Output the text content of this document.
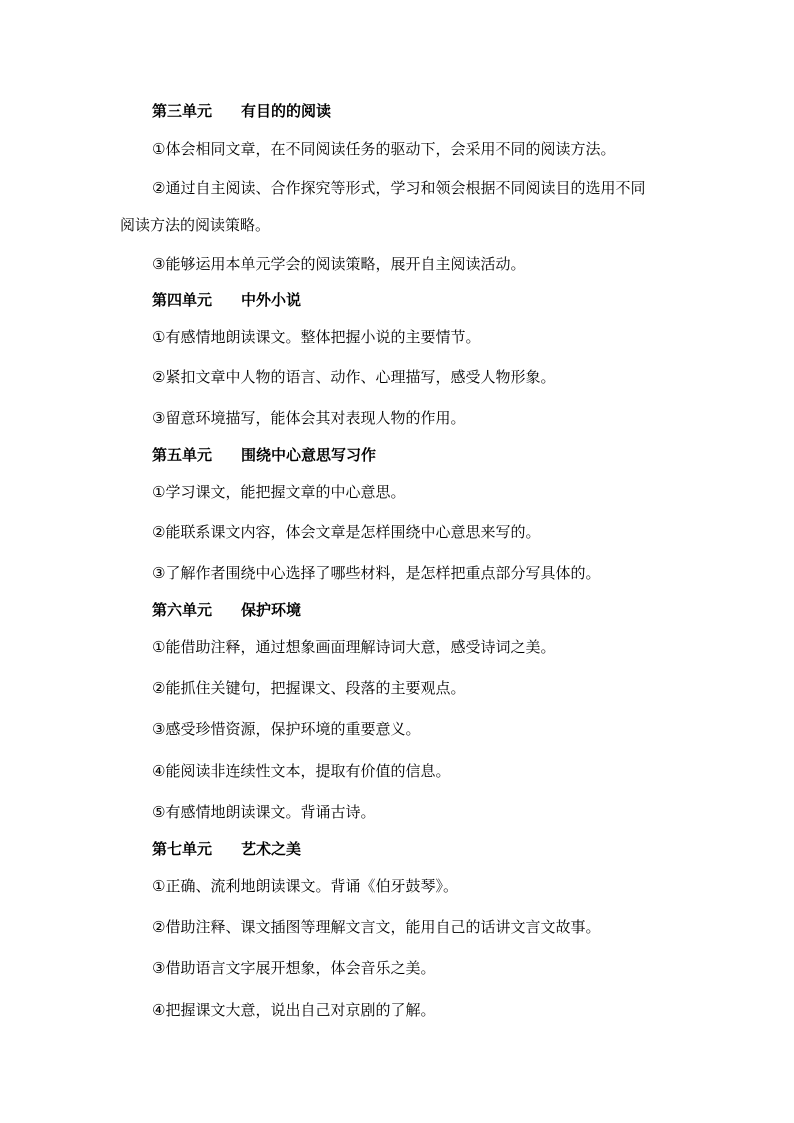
第三单元 有目的的阅读
①体会相同文章，在不同阅读任务的驱动下，会采用不同的阅读方法。
②通过自主阅读、合作探究等形式，学习和领会根据不同阅读目的选用不同
阅读方法的阅读策略。
③能够运用本单元学会的阅读策略，展开自主阅读活动。
第四单元 中外小说
①有感情地朗读课文。整体把握小说的主要情节。
②紧扣文章中人物的语言、动作、心理描写，感受人物形象。
③留意环境描写，能体会其对表现人物的作用。
第五单元 围绕中心意思写习作
①学习课文，能把握文章的中心意思。
②能联系课文内容，体会文章是怎样围绕中心意思来写的。
③了解作者围绕中心选择了哪些材料，是怎样把重点部分写具体的。
第六单元 保护环境
①能借助注释，通过想象画面理解诗词大意，感受诗词之美。
②能抓住关键句，把握课文、段落的主要观点。
③感受珍惜资源，保护环境的重要意义。
④能阅读非连续性文本，提取有价值的信息。
⑤有感情地朗读课文。背诵古诗。
第七单元 艺术之美
①正确、流利地朗读课文。背诵《伯牙鼓琴》。
②借助注释、课文插图等理解文言文，能用自己的话讲文言文故事。
③借助语言文字展开想象，体会音乐之美。
④把握课文大意，说出自己对京剧的了解。
